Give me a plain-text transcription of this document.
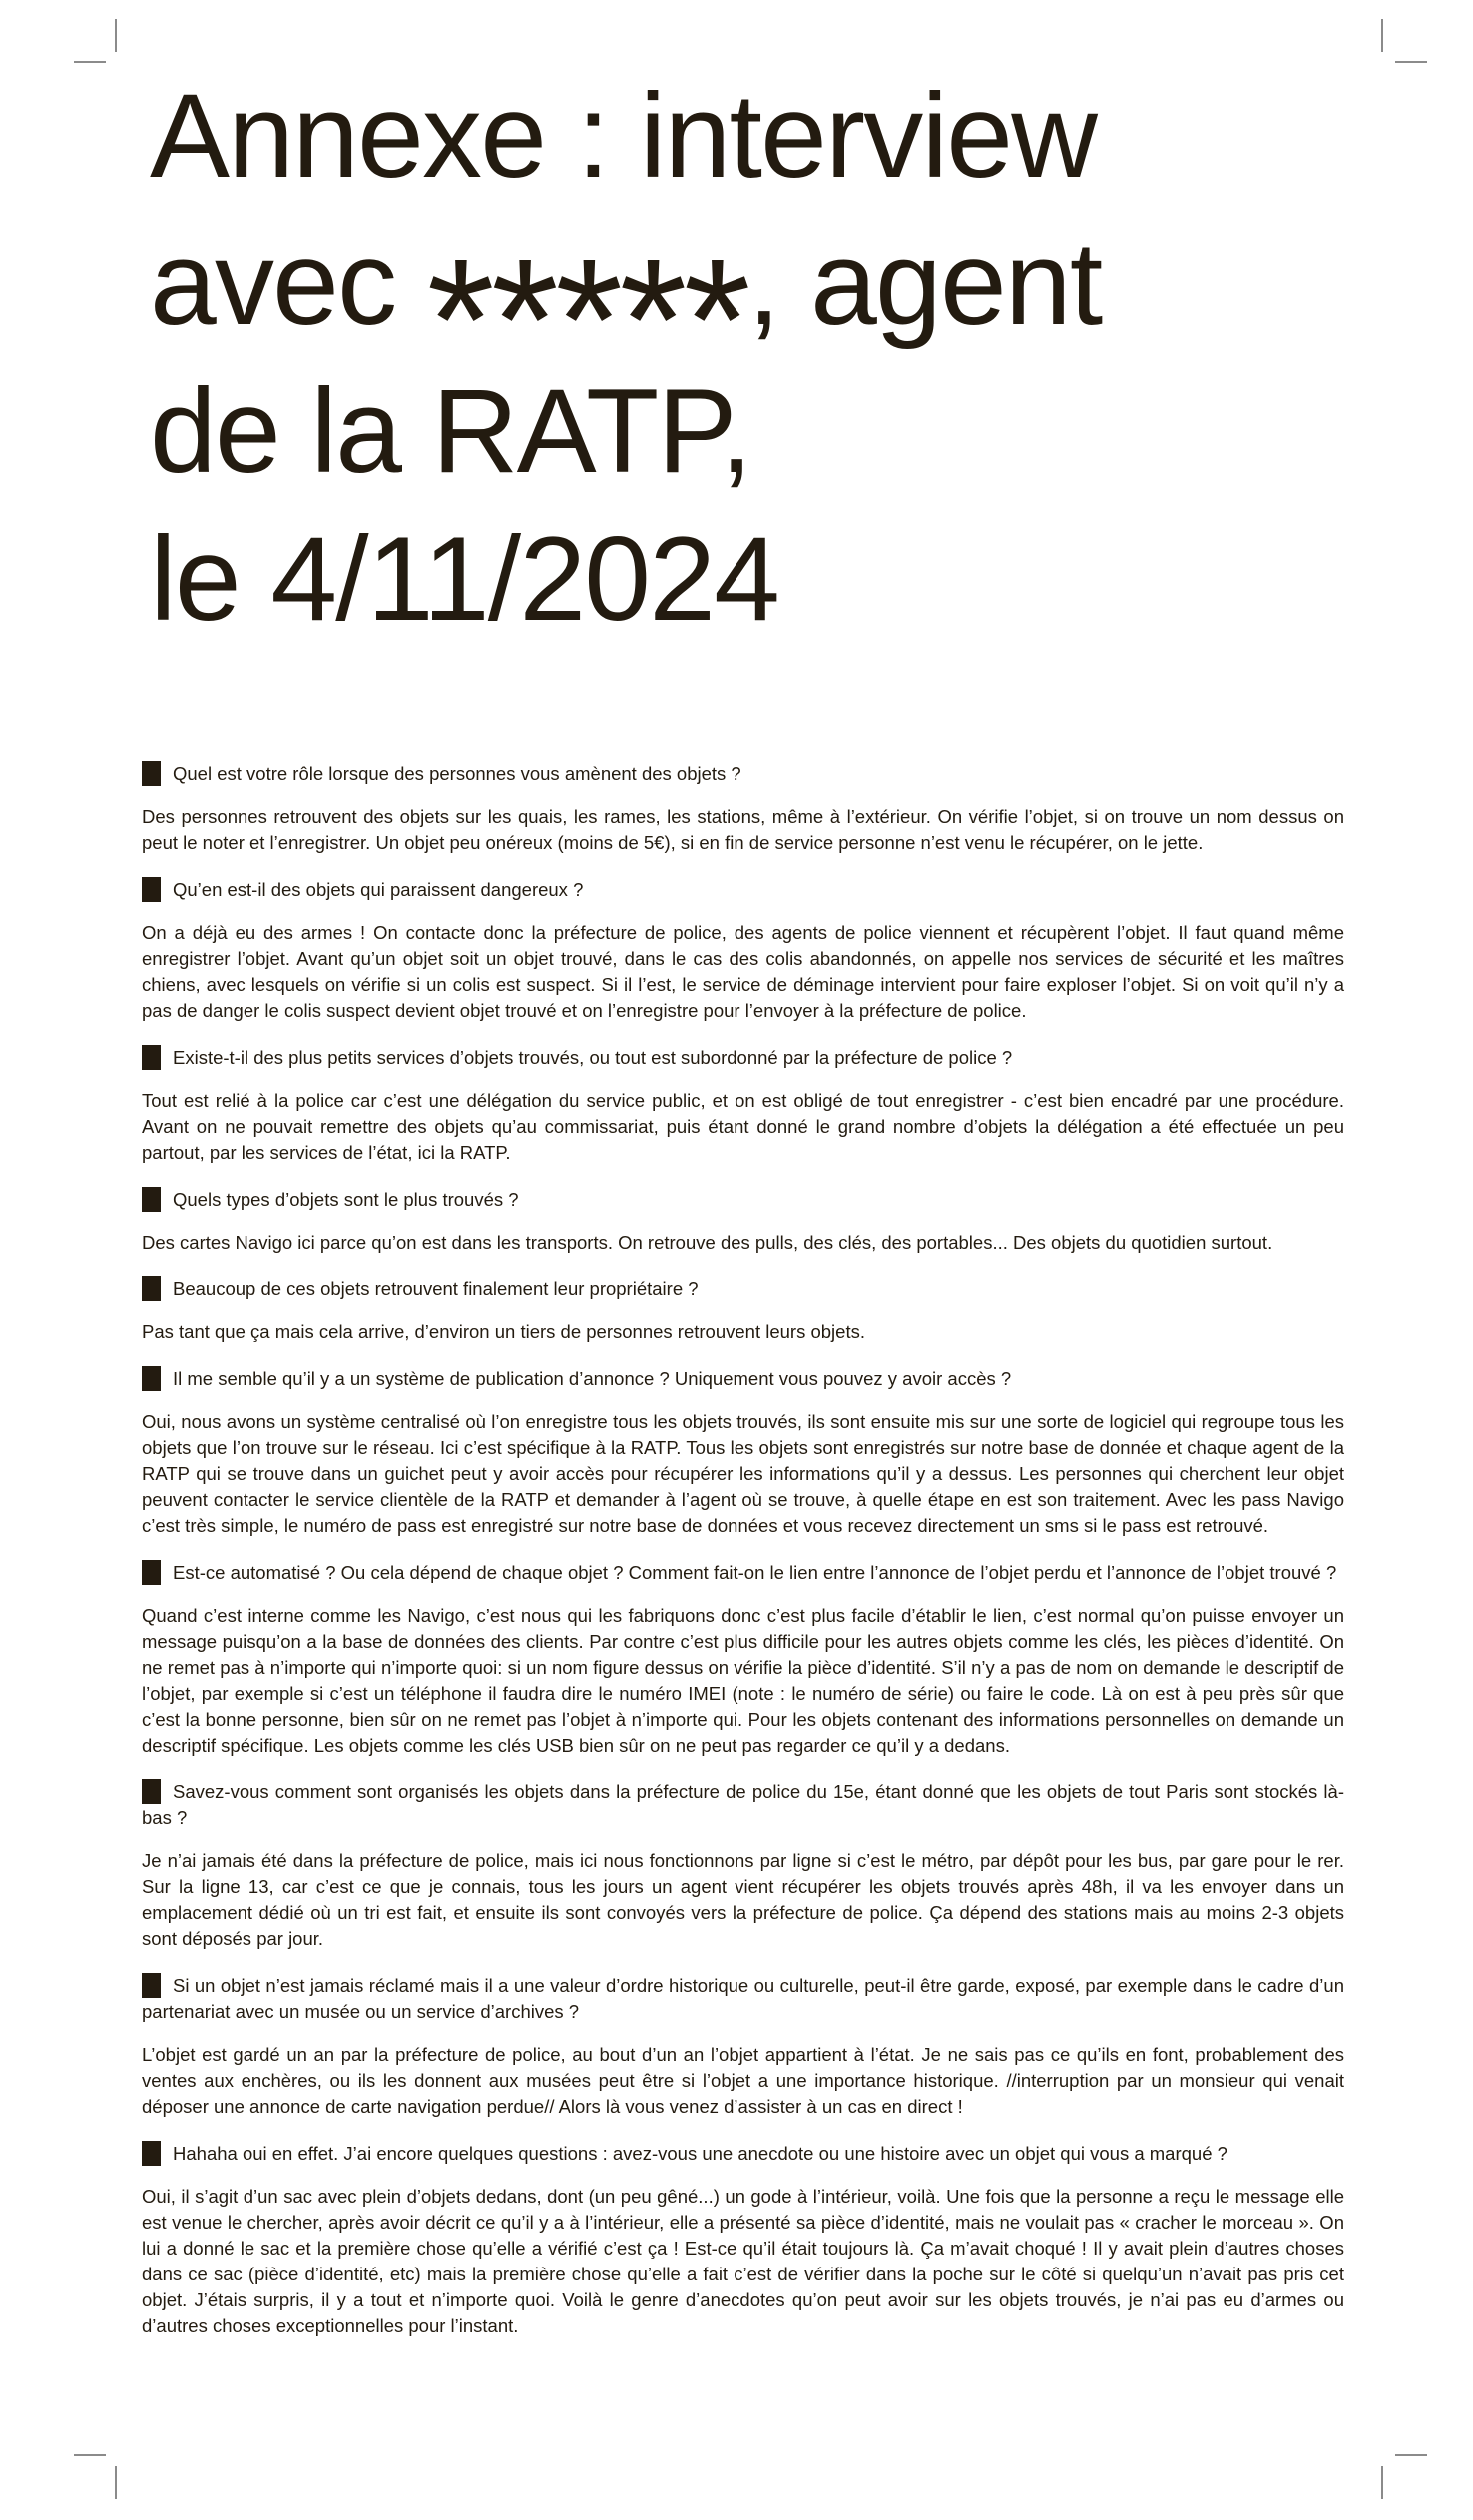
Annexe : interview
avec *****, agent
de la RATP,
le 4/11/2024

Quel est votre rôle lorsque des personnes vous amènent des objets ?

Des personnes retrouvent des objets sur les quais, les rames, les stations, même à l’extérieur. On vérifie l’objet, si on trouve un nom dessus on peut le noter et l’enregistrer. Un objet peu onéreux (moins de 5€), si en fin de service personne n’est venu le récupérer, on le jette.

Qu’en est-il des objets qui paraissent dangereux ?

On a déjà eu des armes ! On contacte donc la préfecture de police, des agents de police viennent et récupèrent l’objet. Il faut quand même enregistrer l’objet. Avant qu’un objet soit un objet trouvé, dans le cas des colis abandonnés, on appelle nos services de sécurité et les maîtres chiens, avec lesquels on vérifie si un colis est suspect. Si il l’est, le service de déminage intervient pour faire exploser l’objet. Si on voit qu’il n’y a pas de danger le colis suspect devient objet trouvé et on l’enregistre pour l’envoyer à la préfecture de police.

Existe-t-il des plus petits services d’objets trouvés, ou tout est subordonné par la préfecture de police ?

Tout est relié à la police car c’est une délégation du service public, et on est obligé de tout enregistrer - c’est bien encadré par une procédure. Avant on ne pouvait remettre des objets qu’au commissariat, puis étant donné le grand nombre d’objets la délégation a été effectuée un peu partout, par les services de l’état, ici la RATP.

Quels types d’objets sont le plus trouvés ?

Des cartes Navigo ici parce qu’on est dans les transports. On retrouve des pulls, des clés, des portables... Des objets du quotidien surtout.

Beaucoup de ces objets retrouvent finalement leur propriétaire ?

Pas tant que ça mais cela arrive, d’environ un tiers de personnes retrouvent leurs objets.

Il me semble qu’il y a un système de publication d’annonce ? Uniquement vous pouvez y avoir accès ?

Oui, nous avons un système centralisé où l’on enregistre tous les objets trouvés, ils sont ensuite mis sur une sorte de logiciel qui regroupe tous les objets que l’on trouve sur le réseau. Ici c’est spécifique à la RATP. Tous les objets sont enregistrés sur notre base de donnée et chaque agent de la RATP qui se trouve dans un guichet peut y avoir accès pour récupérer les informations qu’il y a dessus. Les personnes qui cherchent leur objet peuvent contacter le service clientèle de la RATP et demander à l’agent où se trouve, à quelle étape en est son traitement. Avec les pass Navigo c’est très simple, le numéro de pass est enregistré sur notre base de données et vous recevez directement un sms si le pass est retrouvé.

Est-ce automatisé ? Ou cela dépend de chaque objet ? Comment fait-on le lien entre l’annonce de l’objet perdu et l’annonce de l’objet trouvé ?

Quand c’est interne comme les Navigo, c’est nous qui les fabriquons donc c’est plus facile d’établir le lien, c’est normal qu’on puisse envoyer un message puisqu’on a la base de données des clients. Par contre c’est plus difficile pour les autres objets comme les clés, les pièces d’identité. On ne remet pas à n’importe qui n’importe quoi: si un nom figure dessus on vérifie la pièce d’identité. S’il n’y a pas de nom on demande le descriptif de l’objet, par exemple si c’est un téléphone il faudra dire le numéro IMEI (note : le numéro de série) ou faire le code. Là on est à peu près sûr que c’est la bonne personne, bien sûr on ne remet pas l’objet à n’importe qui. Pour les objets contenant des informations personnelles on demande un descriptif spécifique. Les objets comme les clés USB bien sûr on ne peut pas regarder ce qu’il y a dedans.

Savez-vous comment sont organisés les objets dans la préfecture de police du 15e, étant donné que les objets de tout Paris sont stockés là-bas ?

Je n’ai jamais été dans la préfecture de police, mais ici nous fonctionnons par ligne si c’est le métro, par dépôt pour les bus, par gare pour le rer. Sur la ligne 13, car c’est ce que je connais, tous les jours un agent vient récupérer les objets trouvés après 48h, il va les envoyer dans un emplacement dédié où un tri est fait, et ensuite ils sont convoyés vers la préfecture de police. Ça dépend des stations mais au moins 2-3 objets sont déposés par jour.

Si un objet n’est jamais réclamé mais il a une valeur d’ordre historique ou culturelle, peut-il être garde, exposé, par exemple dans le cadre d’un partenariat avec un musée ou un service d’archives ?

L’objet est gardé un an par la préfecture de police, au bout d’un an l’objet appartient à l’état. Je ne sais pas ce qu’ils en font, probablement des ventes aux enchères, ou ils les donnent aux musées peut être si l’objet a une importance historique. //interruption par un monsieur qui venait déposer une annonce de carte navigation perdue// Alors là vous venez d’assister à un cas en direct !

Hahaha oui en effet. J’ai encore quelques questions : avez-vous une anecdote ou une histoire avec un objet qui vous a marqué ?

Oui, il s’agit d’un sac avec plein d’objets dedans, dont (un peu gêné...) un gode à l’intérieur, voilà. Une fois que la personne a reçu le message elle est venue le chercher, après avoir décrit ce qu’il y a à l’intérieur, elle a présenté sa pièce d’identité, mais ne voulait pas « cracher le morceau ». On lui a donné le sac et la première chose qu’elle a vérifié c’est ça ! Est-ce qu’il était toujours là. Ça m’avait choqué ! Il y avait plein d’autres choses dans ce sac (pièce d’identité, etc) mais la première chose qu’elle a fait c’est de vérifier dans la poche sur le côté si quelqu’un n’avait pas pris cet objet. J’étais surpris, il y a tout et n’importe quoi. Voilà le genre d’anecdotes qu’on peut avoir sur les objets trouvés, je n’ai pas eu d’armes ou d’autres choses exceptionnelles pour l’instant.
